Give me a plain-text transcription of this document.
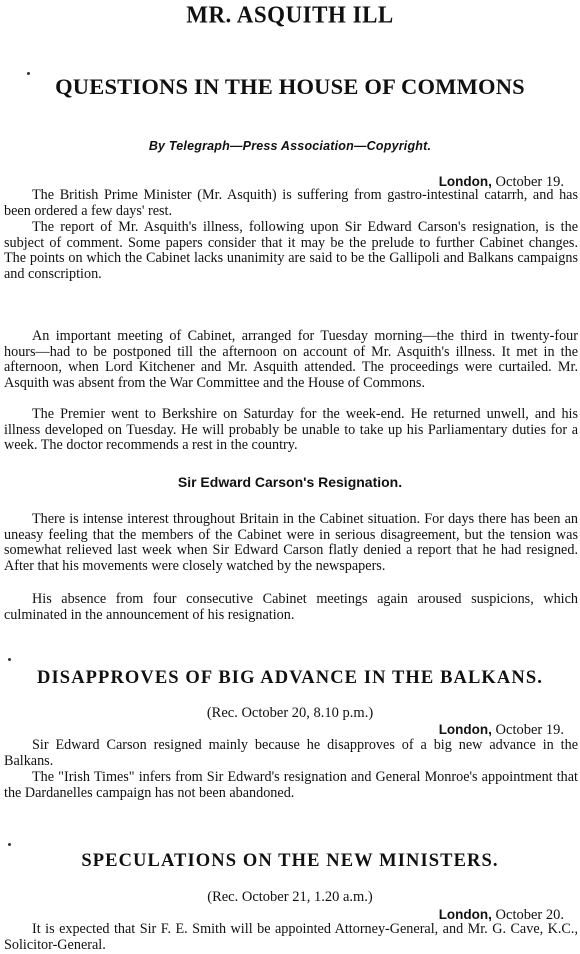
MR. ASQUITH ILL
QUESTIONS IN THE HOUSE OF COMMONS
By Telegraph—Press Association—Copyright.
London, October 19.

The British Prime Minister (Mr. Asquith) is suffering from gastro-intestinal catarrh, and has been ordered a few days' rest.

The report of Mr. Asquith's illness, following upon Sir Edward Carson's resignation, is the subject of comment. Some papers consider that it may be the prelude to further Cabinet changes. The points on which the Cabinet lacks unanimity are said to be the Gallipoli and Balkans campaigns and conscription.

An important meeting of Cabinet, arranged for Tuesday morning—the third in twenty-four hours—had to be postponed till the afternoon on account of Mr. Asquith's illness. It met in the afternoon, when Lord Kitchener and Mr. Asquith attended. The proceedings were curtailed. Mr. Asquith was absent from the War Committee and the House of Commons.

The Premier went to Berkshire on Saturday for the week-end. He returned unwell, and his illness developed on Tuesday. He will probably be unable to take up his Parliamentary duties for a week. The doctor recommends a rest in the country.

Sir Edward Carson's Resignation.

There is intense interest throughout Britain in the Cabinet situation. For days there has been an uneasy feeling that the members of the Cabinet were in serious disagreement, but the tension was somewhat relieved last week when Sir Edward Carson flatly denied a report that he had resigned. After that his movements were closely watched by the newspapers.

His absence from four consecutive Cabinet meetings again aroused suspicions, which culminated in the announcement of his resignation.

DISAPPROVES OF BIG ADVANCE IN THE BALKANS.
(Rec. October 20, 8.10 p.m.)
London, October 19.

Sir Edward Carson resigned mainly because he disapproves of a big new advance in the Balkans.

The "Irish Times" infers from Sir Edward's resignation and General Monroe's appointment that the Dardanelles campaign has not been abandoned.

SPECULATIONS ON THE NEW MINISTERS.
(Rec. October 21, 1.20 a.m.)
London, October 20.

It is expected that Sir F. E. Smith will be appointed Attorney-General, and Mr. G. Cave, K.C., Solicitor-General.
